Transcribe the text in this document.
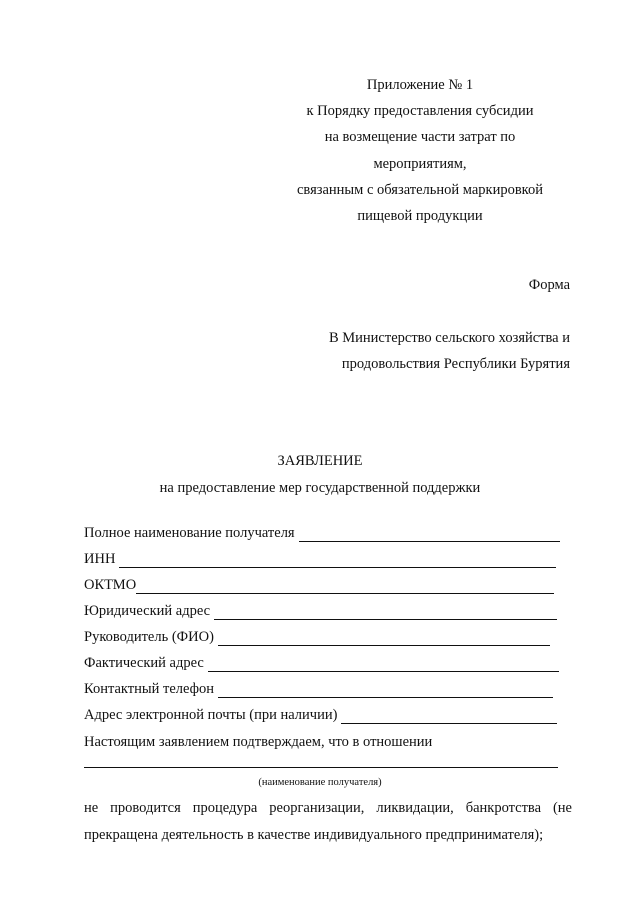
Приложение № 1
к Порядку предоставления субсидии
на возмещение части затрат по
мероприятиям,
связанным с обязательной маркировкой
пищевой продукции
Форма
В Министерство сельского хозяйства и
продовольствия Республики Бурятия
ЗАЯВЛЕНИЕ
на предоставление мер государственной поддержки
Полное наименование получателя
ИНН
ОКТМО
Юридический адрес
Руководитель (ФИО)
Фактический адрес
Контактный телефон
Адрес электронной почты (при наличии)
Настоящим заявлением подтверждаем, что в отношении
(наименование получателя)
не проводится процедура реорганизации, ликвидации, банкротства (не прекращена деятельность в качестве индивидуального предпринимателя);
